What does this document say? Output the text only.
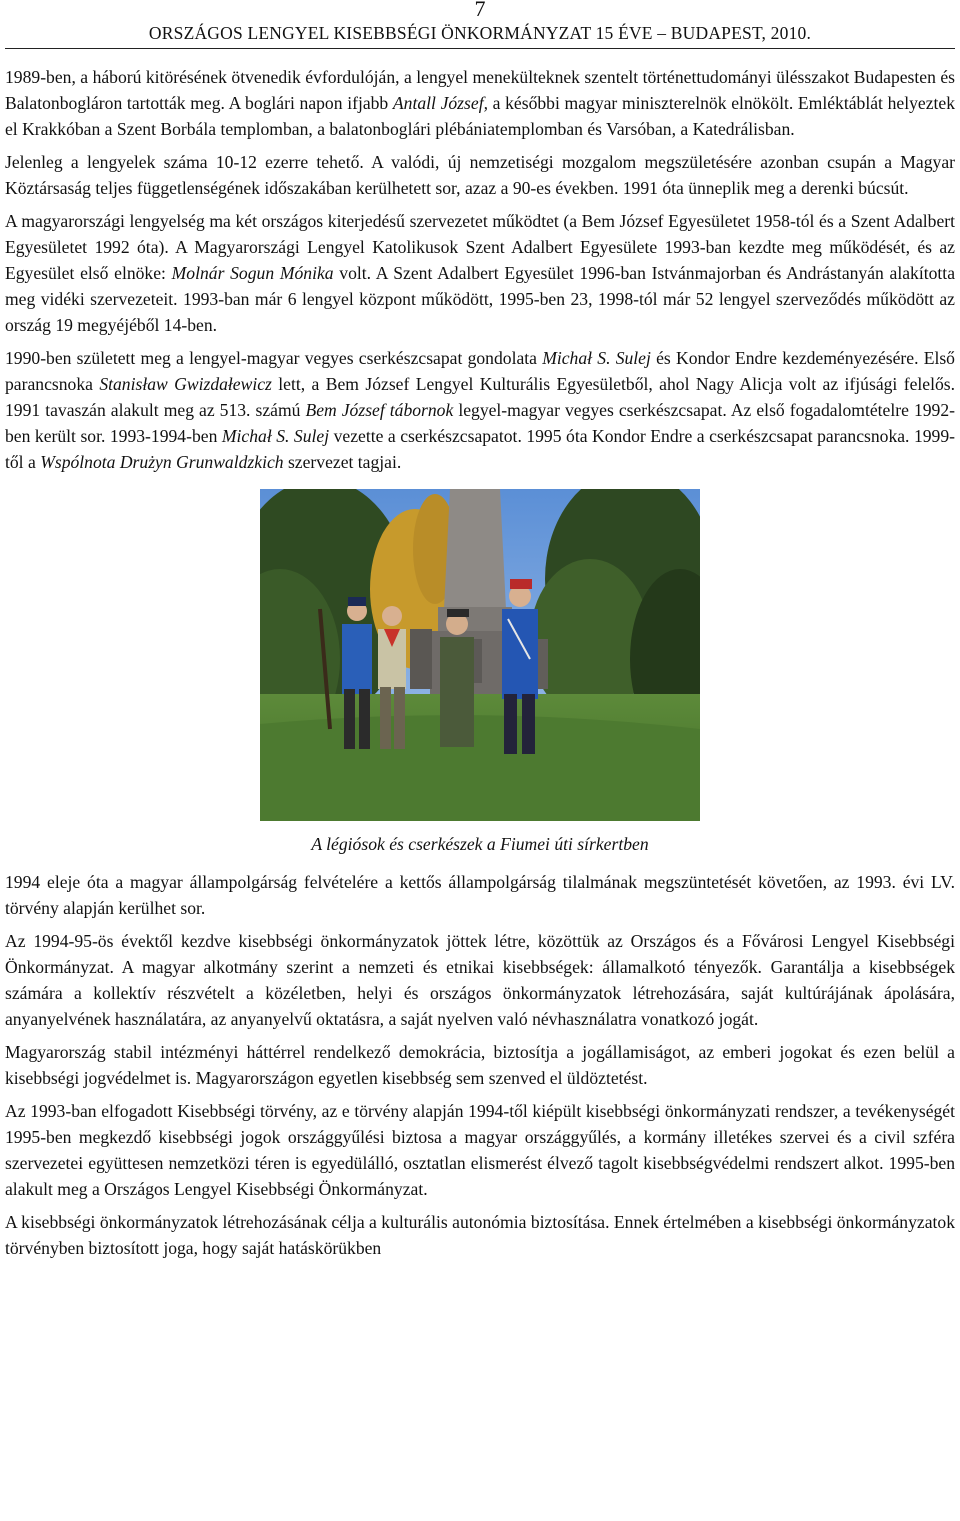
7
ORSZÁGOS LENGYEL KISEBBSÉGI ÖNKORMÁNYZAT 15 ÉVE – BUDAPEST, 2010.

1989-ben, a háború kitörésének ötvenedik évfordulóján, a lengyel menekülteknek szentelt történettudományi ülésszakot Budapesten és Balatonbogláron tartották meg. A boglári napon ifjabb Antall József, a későbbi magyar miniszterelnök elnökölt. Emléktáblát helyeztek el Krakkóban a Szent Borbála templomban, a balatonboglári plébániatemplomban és Varsóban, a Katedrálisban.

Jelenleg a lengyelek száma 10-12 ezerre tehető. A valódi, új nemzetiségi mozgalom megszületésére azonban csupán a Magyar Köztársaság teljes függetlenségének időszakában kerülhetett sor, azaz a 90-es években. 1991 óta ünneplik meg a derenki búcsút.

A magyarországi lengyelség ma két országos kiterjedésű szervezetet működtet (a Bem József Egyesületet 1958-tól és a Szent Adalbert Egyesületet 1992 óta). A Magyarországi Lengyel Katolikusok Szent Adalbert Egyesülete 1993-ban kezdte meg működését, és az Egyesület első elnöke: Molnár Sogun Mónika volt. A Szent Adalbert Egyesület 1996-ban Istvánmajorban és Andrástanyán alakította meg vidéki szervezeteit. 1993-ban már 6 lengyel központ működött, 1995-ben 23, 1998-tól már 52 lengyel szerveződés működött az ország 19 megyéjéből 14-ben.

1990-ben született meg a lengyel-magyar vegyes cserkészcsapat gondolata Michał S. Sulej és Kondor Endre kezdeményezésére. Első parancsnoka Stanisław Gwizdałewicz lett, a Bem József Lengyel Kulturális Egyesületből, ahol Nagy Alicja volt az ifjúsági felelős. 1991 tavaszán alakult meg az 513. számú Bem József tábornok legyel-magyar vegyes cserkészcsapat. Az első fogadalomtételre 1992-ben került sor. 1993-1994-ben Michał S. Sulej vezette a cserkészcsapatot. 1995 óta Kondor Endre a cserkészcsapat parancsnoka. 1999-től a Wspólnota Drużyn Grunwaldzkich szervezet tagjai.

A légiósok és cserkészek a Fiumei úti sírkertben

1994 eleje óta a magyar állampolgárság felvételére a kettős állampolgárság tilalmának megszüntetését követően, az 1993. évi LV. törvény alapján kerülhet sor.

Az 1994-95-ös évektől kezdve kisebbségi önkormányzatok jöttek létre, közöttük az Országos és a Fővárosi Lengyel Kisebbségi Önkormányzat. A magyar alkotmány szerint a nemzeti és etnikai kisebbségek: államalkotó tényezők. Garantálja a kisebbségek számára a kollektív részvételt a közéletben, helyi és országos önkormányzatok létrehozására, saját kultúrájának ápolására, anyanyelvének használatára, az anyanyelvű oktatásra, a saját nyelven való névhasználatra vonatkozó jogát.

Magyarország stabil intézményi háttérrel rendelkező demokrácia, biztosítja a jogállamiságot, az emberi jogokat és ezen belül a kisebbségi jogvédelmet is. Magyarországon egyetlen kisebbség sem szenved el üldöztetést.

Az 1993-ban elfogadott Kisebbségi törvény, az e törvény alapján 1994-től kiépült kisebbségi önkormányzati rendszer, a tevékenységét 1995-ben megkezdő kisebbségi jogok országgyűlési biztosa a magyar országgyűlés, a kormány illetékes szervei és a civil szféra szervezetei együttesen nemzetközi téren is egyedülálló, osztatlan elismerést élvező tagolt kisebbségvédelmi rendszert alkot. 1995-ben alakult meg a Országos Lengyel Kisebbségi Önkormányzat.

A kisebbségi önkormányzatok létrehozásának célja a kulturális autonómia biztosítása. Ennek értelmében a kisebbségi önkormányzatok törvényben biztosított joga, hogy saját hatáskörükben
